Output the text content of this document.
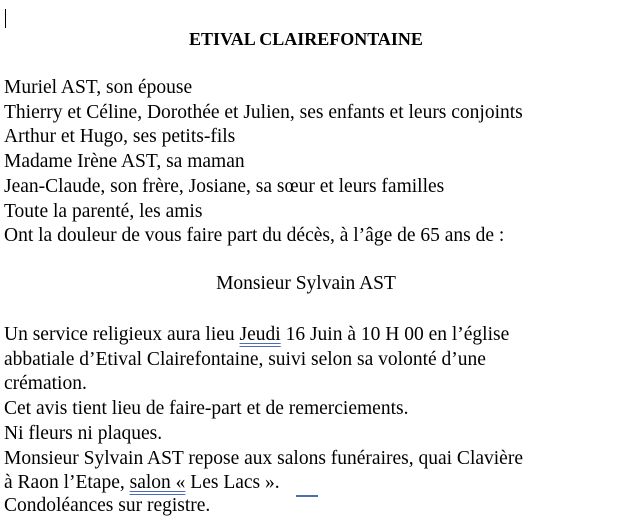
ETIVAL CLAIREFONTAINE
Muriel AST, son épouse
Thierry et Céline, Dorothée et Julien, ses enfants et leurs conjoints
Arthur et Hugo, ses petits-fils
Madame Irène AST, sa maman
Jean-Claude, son frère, Josiane, sa sœur et leurs familles
Toute la parenté, les amis
Ont la douleur de vous faire part du décès, à l’âge de 65 ans de :
Monsieur Sylvain AST
Un service religieux aura lieu Jeudi 16 Juin à 10 H 00 en l’église
abbatiale d’Etival Clairefontaine, suivi selon sa volonté d’une
crémation.
Cet avis tient lieu de faire-part et de remerciements.
Ni fleurs ni plaques.
Monsieur Sylvain AST repose aux salons funéraires, quai Clavière
à Raon l’Etape, salon « Les Lacs ».
Condoléances sur registre.
